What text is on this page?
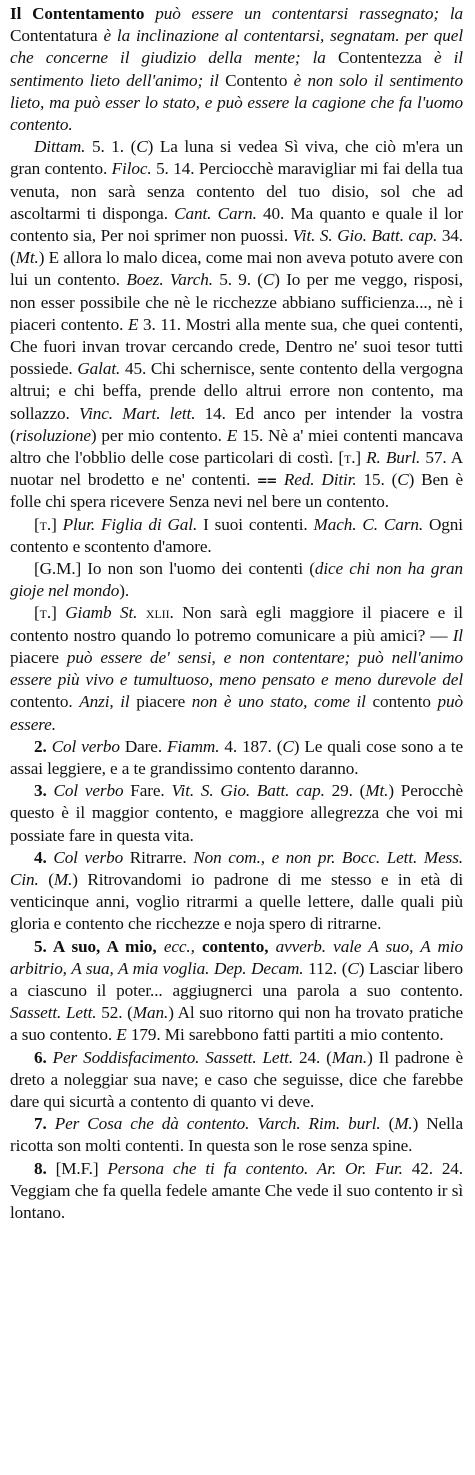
Il Contentamento può essere un contentarsi rassegnato; la Contentatura è la inclinazione al contentarsi, segnatam. per quel che concerne il giudizio della mente; la Contentezza è il sentimento lieto dell'animo; il Contento è non solo il sentimento lieto, ma può esser lo stato, e può essere la cagione che fa l'uomo contento.

Dittam. 5. 1. (C) La luna si vedea Sì viva, che ciò m'era un gran contento. Filoc. 5. 14. Perciocchè maravigliar mi fai della tua venuta, non sarà senza contento del tuo disio, sol che ad ascoltarmi ti disponga. Cant. Carn. 40. Ma quanto e quale il lor contento sia, Per noi sprimer non puossi. Vit. S. Gio. Batt. cap. 34. (Mt.) E allora lo malo dicea, come mai non aveva potuto avere con lui un contento. Boez. Varch. 5. 9. (C) Io per me veggo, risposi, non esser possibile che nè le ricchezze abbiano sufficienza..., nè i piaceri contento. E 3. 11. Mostri alla mente sua, che quei contenti, Che fuori invan trovar cercando crede, Dentro ne' suoi tesor tutti possiede. Galat. 45. Chi schernisce, sente contento della vergogna altrui; e chi beffa, prende dello altrui errore non contento, ma sollazzo. Vinc. Mart. lett. 14. Ed anco per intender la vostra (risoluzione) per mio contento. E 15. Nè a' miei contenti mancava altro che l'obblio delle cose particolari di costì. [t.] R. Burl. 57. A nuotar nel brodetto e ne' contenti. ⩵ Red. Ditir. 15. (C) Ben è folle chi spera ricevere Senza nevi nel bere un contento.

[t.] Plur. Figlia di Gal. I suoi contenti. Mach. C. Carn. Ogni contento e scontento d'amore.

[G.M.] Io non son l'uomo dei contenti (dice chi non ha gran gioje nel mondo).

[t.] Giamb St. xlii. Non sarà egli maggiore il piacere e il contento nostro quando lo potremo comunicare a più amici? — Il piacere può essere de' sensi, e non contentare; può nell'animo essere più vivo e tumultuoso, meno pensato e meno durevole del contento. Anzi, il piacere non è uno stato, come il contento può essere.

2. Col verbo Dare. Fiamm. 4. 187. (C) Le quali cose sono a te assai leggiere, e a te grandissimo contento daranno.

3. Col verbo Fare. Vit. S. Gio. Batt. cap. 29. (Mt.) Perocchè questo è il maggior contento, e maggiore allegrezza che voi mi possiate fare in questa vita.

4. Col verbo Ritrarre. Non com., e non pr. Bocc. Lett. Mess. Cin. (M.) Ritrovandomi io padrone di me stesso e in età di venticinque anni, voglio ritrarmi a quelle lettere, dalle quali più gloria e contento che ricchezze e noja spero di ritrarne.

5. A suo, A mio, ecc., contento, avverb. vale A suo, A mio arbitrio, A sua, A mia voglia. Dep. Decam. 112. (C) Lasciar libero a ciascuno il poter... aggiugnerci una parola a suo contento. Sassett. Lett. 52. (Man.) Al suo ritorno qui non ha trovato pratiche a suo contento. E 179. Mi sarebbono fatti partiti a mio contento.

6. Per Soddisfacimento. Sassett. Lett. 24. (Man.) Il padrone è dreto a noleggiar sua nave; e caso che seguisse, dice che farebbe dare qui sicurtà a contento di quanto vi deve.

7. Per Cosa che dà contento. Varch. Rim. burl. (M.) Nella ricotta son molti contenti. In questa son le rose senza spine.

8. [M.F.] Persona che ti fa contento. Ar. Or. Fur. 42. 24. Veggiam che fa quella fedele amante Che vede il suo contento ir sì lontano.
